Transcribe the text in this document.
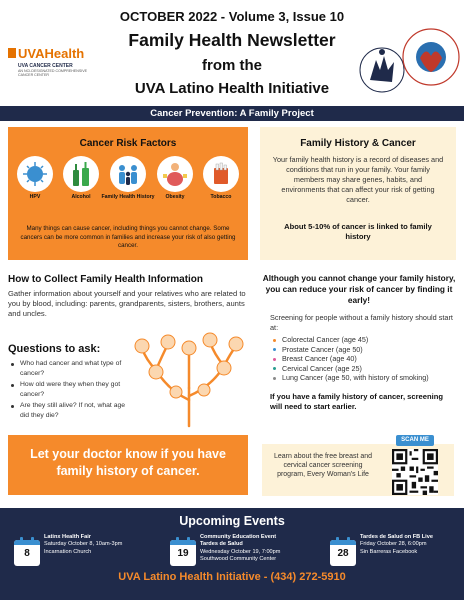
OCTOBER 2022 - Volume 3, Issue 10
UVAHealth
UVA CANCER CENTER
AN NCI-DESIGNATED COMPREHENSIVE CANCER CENTER
Family Health Newsletter
from the
UVA Latino Health Initiative
Cancer Prevention: A Family Project
Cancer Risk Factors
HPV	Alcohol	Family Health History	Obesity	Tobacco
Many things can cause cancer, including things you cannot change. Some cancers can be more common in families and increase your risk of also getting cancer.
Family History & Cancer
Your family health history is a record of diseases and conditions that run in your family. Your family members may share genes, habits, and environments that can affect your risk of getting cancer.
About 5-10% of cancer is linked to family history
How to Collect Family Health Information
Gather information about yourself and your relatives who are related to you by blood, including: parents, grandparents, sisters, brothers, aunts and uncles.
Questions to ask:
Who had cancer and what type of cancer?
How old were they when they got cancer?
Are they still alive? If not, what age did they die?
Although you cannot change your family history, you can reduce your risk of cancer by finding it early!
Screening for people without a family history should start at:
Colorectal Cancer (age 45)
Prostate Cancer (age 50)
Breast Cancer (age 40)
Cervical Cancer (age 25)
Lung Cancer (age 50, with history of smoking)
If you have a family history of cancer, screening will need to start earlier.
Let your doctor know if you have family history of cancer.
Learn about the free breast and cervical cancer screening program, Every Woman's Life
SCAN ME
Upcoming Events
8
Latinx Health Fair
Saturday October 8, 10am-3pm
Incarnation Church	19
Community Education Event
Tardes de Salud
Wednesday October 19, 7:00pm
Southwood Community Center
28
Tardes de Salud on FB Live
Friday October 28, 6:00pm
Sin Barreras Facebook
UVA Latino Health Initiative - (434) 272-5910
